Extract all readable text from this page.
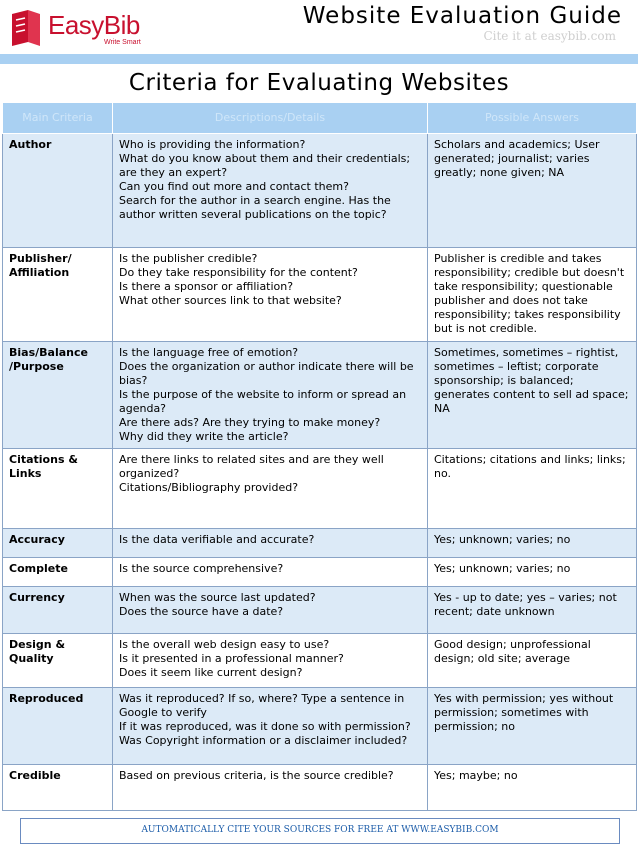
EasyBib
Write Smart
Website Evaluation Guide
Cite it at easybib.com
Criteria for Evaluating Websites
Main Criteria	Descriptions/Details	Possible Answers

Author	Who is providing the information?
What do you know about them and their credentials; are they an expert?
Can you find out more and contact them?
Search for the author in a search engine. Has the author written several publications on the topic?	Scholars and academics; User generated; journalist; varies greatly; none given; NA

Publisher/
Affiliation	Is the publisher credible?
Do they take responsibility for the content?
Is there a sponsor or affiliation?
What other sources link to that website?	Publisher is credible and takes responsibility; credible but doesn't take responsibility; questionable publisher and does not take responsibility; takes responsibility but is not credible.

Bias/Balance
/Purpose	Is the language free of emotion?
Does the organization or author indicate there will be bias?
Is the purpose of the website to inform or spread an agenda?
Are there ads? Are they trying to make money?
Why did they write the article?	Sometimes, sometimes – rightist, sometimes – leftist; corporate sponsorship; is balanced; generates content to sell ad space; NA

Citations &
Links	Are there links to related sites and are they well organized?
Citations/Bibliography provided?	Citations; citations and links; links; no.

Accuracy	Is the data verifiable and accurate?	Yes; unknown; varies; no

Complete	Is the source comprehensive?	Yes; unknown; varies; no

Currency	When was the source last updated?
Does the source have a date?	Yes - up to date; yes – varies; not recent; date unknown

Design &
Quality	Is the overall web design easy to use?
Is it presented in a professional manner?
Does it seem like current design?	Good design; unprofessional design; old site; average

Reproduced	Was it reproduced? If so, where? Type a sentence in Google to verify
If it was reproduced, was it done so with permission? Was Copyright information or a disclaimer included?	Yes with permission; yes without permission; sometimes with permission; no

Credible	Based on previous criteria, is the source credible?	Yes; maybe; no
AUTOMATICALLY CITE YOUR SOURCES FOR FREE AT WWW.EASYBIB.COM
